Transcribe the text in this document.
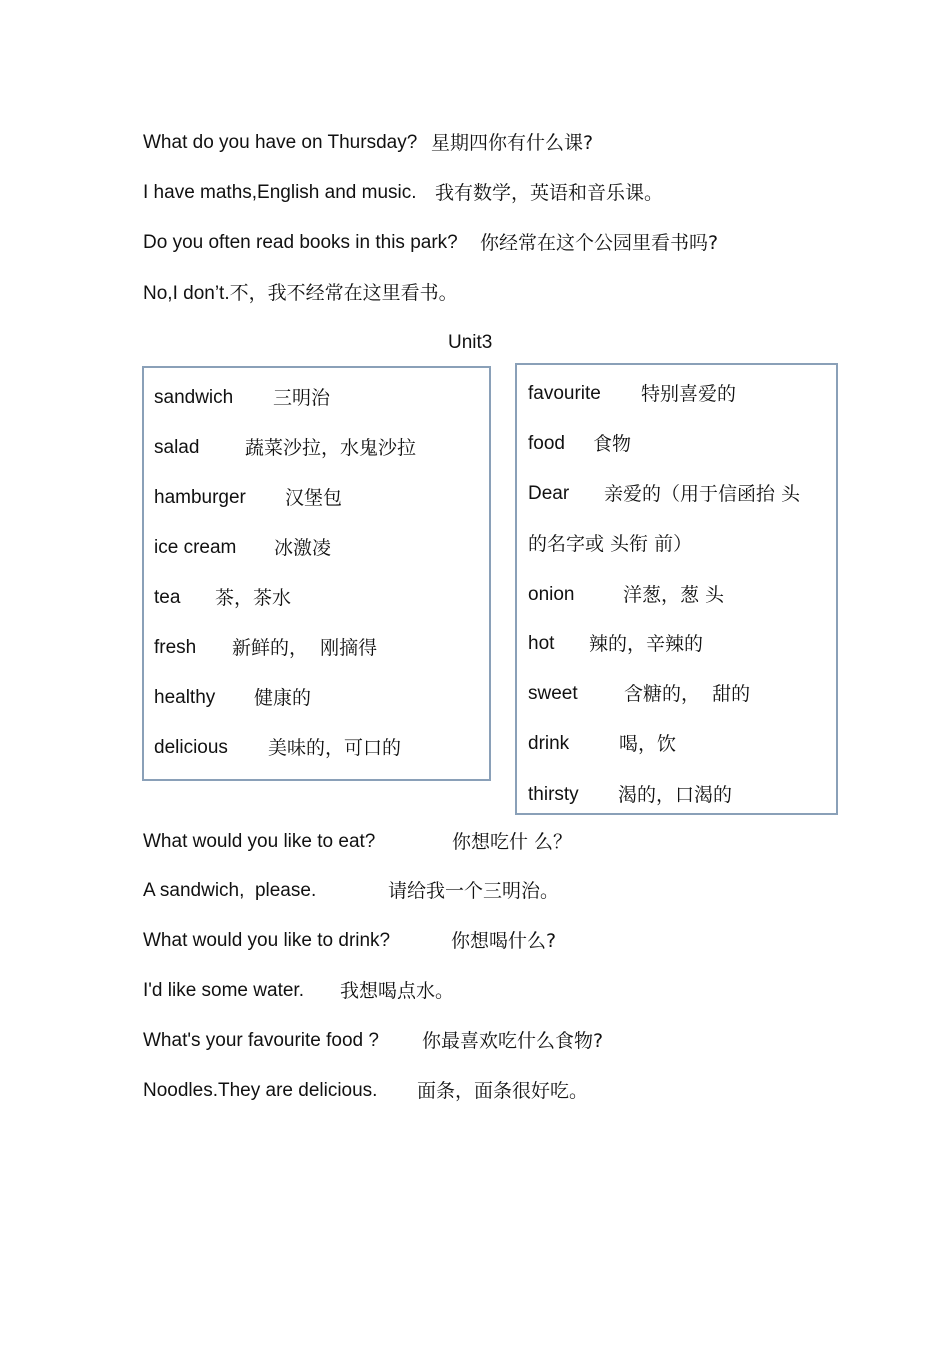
What do you have on Thursday? 星期四你有什么课?
I have maths,English and music. 我有数学，英语和音乐课。
Do you often read books in this park? 你经常在这个公园里看书吗?
No,I don’t.不，我不经常在这里看书。
Unit3
sandwich 三明治
salad 蔬菜沙拉，水鬼沙拉
hamburger 汉堡包
ice cream 冰激凌
tea 茶，茶水
fresh 新鲜的，  刚摘得
healthy 健康的
delicious 美味的，可口的
favourite 特别喜爱的
food 食物
Dear 亲爱的（用于信函抬 头
的名字或 头衔 前）
onion	洋葱，葱 头
hot 辣的，辛辣的
sweet 含糖的，  甜的
drink	喝，饮
thirsty 渴的，口渴的
What would you like to eat?	你想吃什 么？
A sandwich,  please.	请给我一个三明治。
What would you like to drink?	你想喝什么?
I'd like some water. 我想喝点水。
What's your favourite food ? 你最喜欢吃什么食物?
Noodles.They are delicious. 面条，面条很好吃。
